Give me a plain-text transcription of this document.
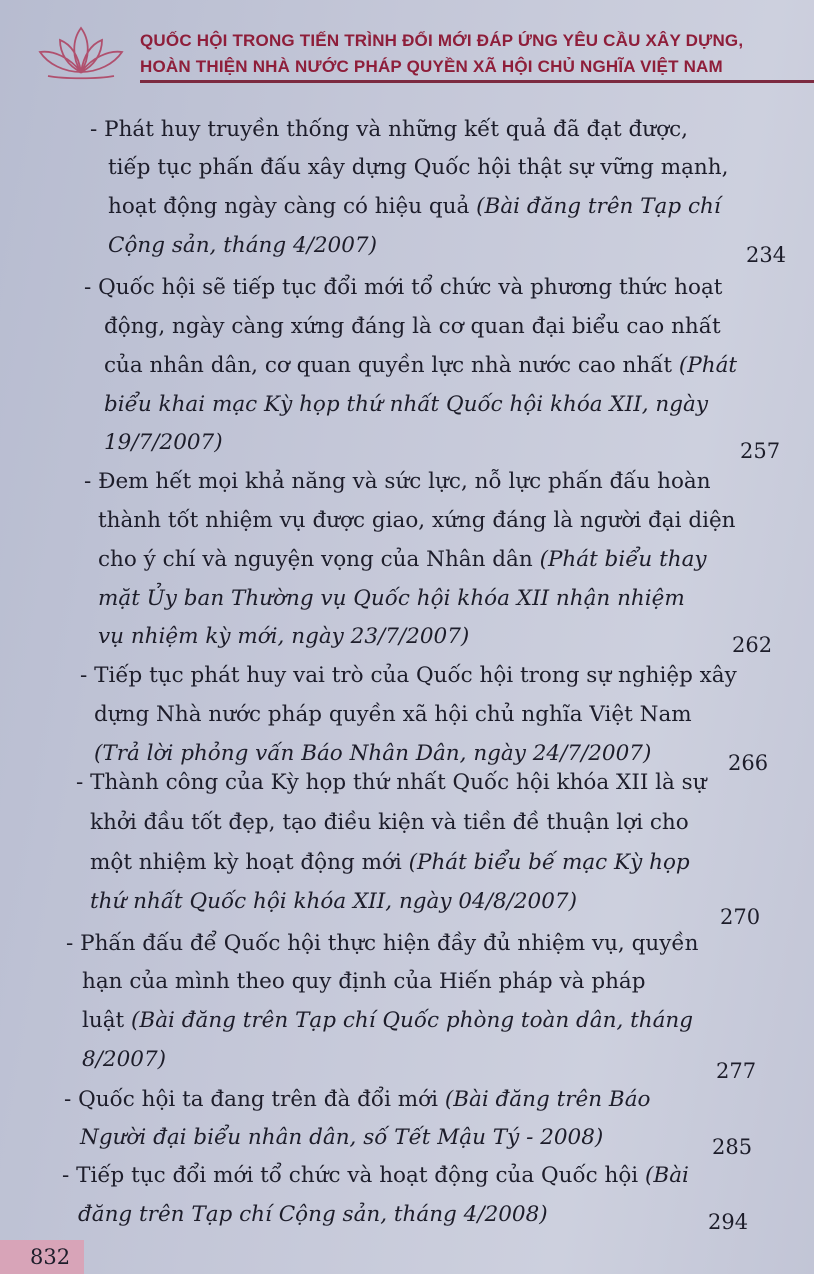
QUỐC HỘI TRONG TIẾN TRÌNH ĐỔI MỚI ĐÁP ỨNG YÊU CẦU XÂY DỰNG,
HOÀN THIỆN NHÀ NƯỚC PHÁP QUYỀN XÃ HỘI CHỦ NGHĨA VIỆT NAM
- Phát huy truyền thống và những kết quả đã đạt được,
tiếp tục phấn đấu xây dựng Quốc hội thật sự vững mạnh,
hoạt động ngày càng có hiệu quả (Bài đăng trên Tạp chí
Cộng sản, tháng 4/2007)	234
- Quốc hội sẽ tiếp tục đổi mới tổ chức và phương thức hoạt
động, ngày càng xứng đáng là cơ quan đại biểu cao nhất
của nhân dân, cơ quan quyền lực nhà nước cao nhất (Phát
biểu khai mạc Kỳ họp thứ nhất Quốc hội khóa XII, ngày
19/7/2007)	257
- Đem hết mọi khả năng và sức lực, nỗ lực phấn đấu hoàn
thành tốt nhiệm vụ được giao, xứng đáng là người đại diện
cho ý chí và nguyện vọng của Nhân dân (Phát biểu thay
mặt Ủy ban Thường vụ Quốc hội khóa XII nhận nhiệm
vụ nhiệm kỳ mới, ngày 23/7/2007)	262
- Tiếp tục phát huy vai trò của Quốc hội trong sự nghiệp xây
dựng Nhà nước pháp quyền xã hội chủ nghĩa Việt Nam
(Trả lời phỏng vấn Báo Nhân Dân, ngày 24/7/2007)	266
- Thành công của Kỳ họp thứ nhất Quốc hội khóa XII là sự
khởi đầu tốt đẹp, tạo điều kiện và tiền đề thuận lợi cho
một nhiệm kỳ hoạt động mới (Phát biểu bế mạc Kỳ họp
thứ nhất Quốc hội khóa XII, ngày 04/8/2007)
270
- Phấn đấu để Quốc hội thực hiện đầy đủ nhiệm vụ, quyền
hạn của mình theo quy định của Hiến pháp và pháp
luật (Bài đăng trên Tạp chí Quốc phòng toàn dân, tháng
8/2007)	277
- Quốc hội ta đang trên đà đổi mới (Bài đăng trên Báo
Người đại biểu nhân dân, số Tết Mậu Tý - 2008)	285
- Tiếp tục đổi mới tổ chức và hoạt động của Quốc hội (Bài
đăng trên Tạp chí Cộng sản, tháng 4/2008)	294
832
